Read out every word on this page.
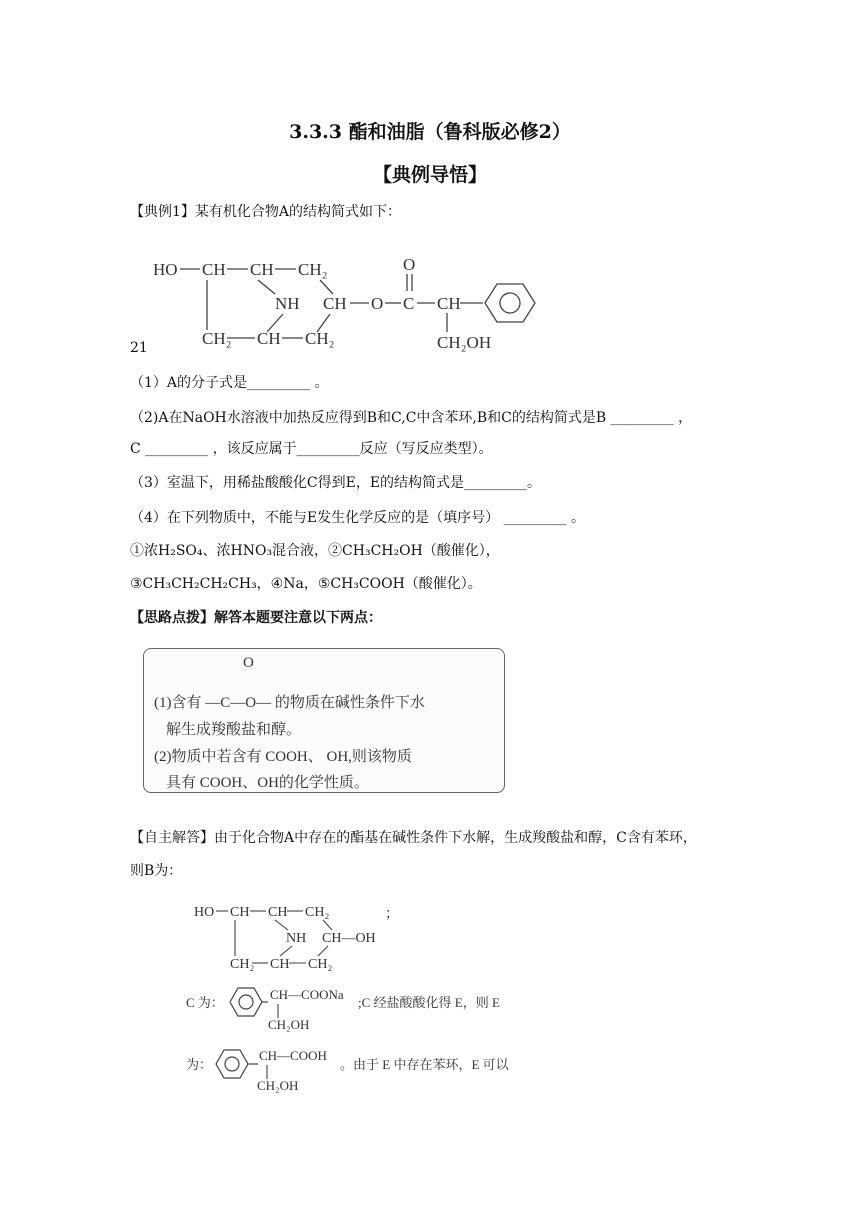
3.3.3 酯和油脂（鲁科版必修2）
【典例导悟】
【典例1】某有机化合物A的结构简式如下：
HO CH CH CH₂
NH CH O C
O
CH
CH₂ CH CH₂	CH₂OH
21
（1）A的分子式是_________ 。
（2)A在NaOH水溶液中加热反应得到B和C,C中含苯环,B和C的结构简式是B _________ ，
C _________ ，该反应属于_________反应（写反应类型）。
（3）室温下，用稀盐酸酸化C得到E，E的结构简式是_________。
（4）在下列物质中，不能与E发生化学反应的是（填序号） _________ 。
①浓H₂SO₄、浓HNO₃混合液，②CH₃CH₂OH（酸催化），
③CH₃CH₂CH₂CH₃，④Na，⑤CH₃COOH（酸催化）。
【思路点拨】解答本题要注意以下两点：
O
(1)含有 —C—O— 的物质在碱性条件下水
解生成羧酸盐和醇。
(2)物质中若含有 COOH、 OH,则该物质
具有 COOH、OH的化学性质。
【自主解答】由于化合物A中存在的酯基在碱性条件下水解，生成羧酸盐和醇，C含有苯环，
则B为：
HO CH CH CH₂
NH CH—OH
CH₂ CH CH₂
；
C 为：
CH—COONa
CH₂OH
;C 经盐酸酸化得 E，则 E
为：
CH—COOH
CH₂OH
。由于 E 中存在苯环，E 可以
